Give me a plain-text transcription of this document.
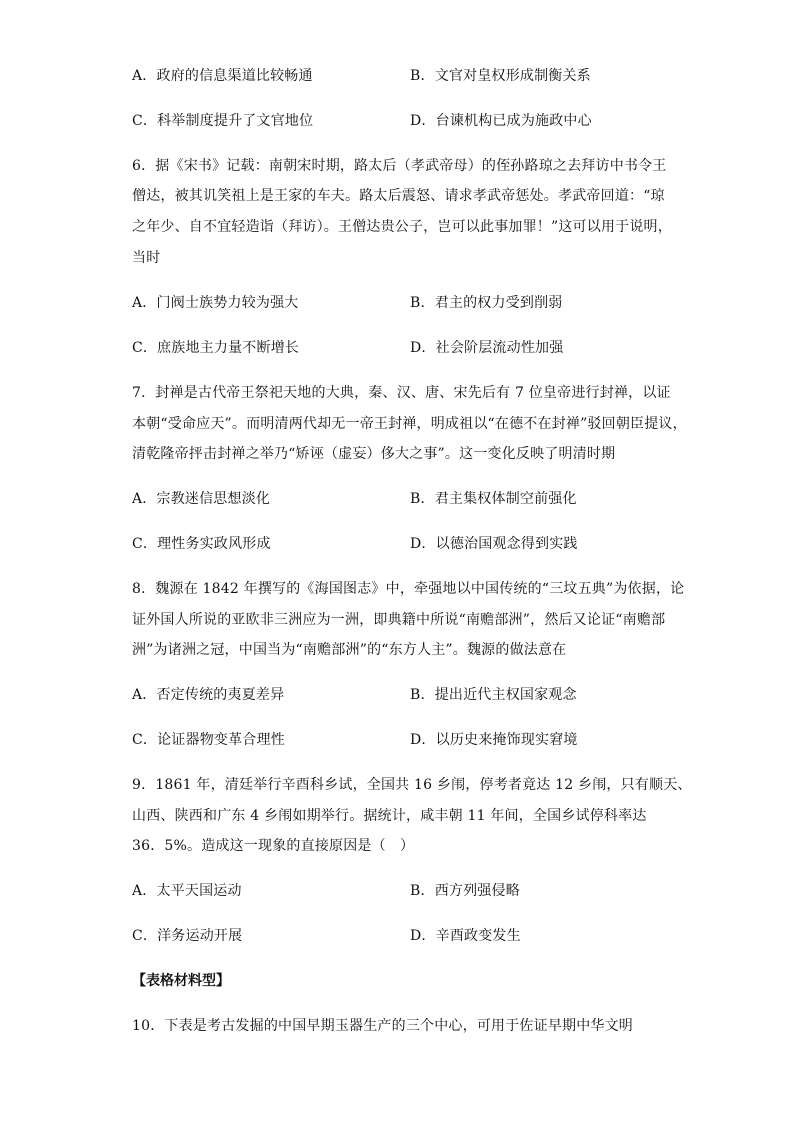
A．政府的信息渠道比较畅通	B．文官对皇权形成制衡关系
C．科举制度提升了文官地位	D．台谏机构已成为施政中心
6．据《宋书》记载：南朝宋时期，路太后（孝武帝母）的侄孙路琼之去拜访中书令王
僧达，被其讥笑祖上是王家的车夫。路太后震怒、请求孝武帝惩处。孝武帝回道：“琼
之年少、自不宜轻造诣（拜访）。王僧达贵公子，岂可以此事加罪！”这可以用于说明，
当时
A．门阀士族势力较为强大	B．君主的权力受到削弱
C．庶族地主力量不断增长	D．社会阶层流动性加强
7．封禅是古代帝王祭祀天地的大典，秦、汉、唐、宋先后有 7 位皇帝进行封禅，以证
本朝“受命应天”。而明清两代却无一帝王封禅，明成祖以“在德不在封禅”驳回朝臣提议，
清乾隆帝抨击封禅之举乃“矫诬（虚妄）侈大之事”。这一变化反映了明清时期
A．宗教迷信思想淡化	B．君主集权体制空前强化
C．理性务实政风形成	D．以德治国观念得到实践
8．魏源在 1842 年撰写的《海国图志》中，牵强地以中国传统的“三坟五典”为依据，论
证外国人所说的亚欧非三洲应为一洲，即典籍中所说“南赡部洲”，然后又论证“南赡部
洲”为诸洲之冠，中国当为“南赡部洲”的“东方人主”。魏源的做法意在
A．否定传统的夷夏差异	B．提出近代主权国家观念
C．论证器物变革合理性	D．以历史来掩饰现实窘境
9．1861 年，清廷举行辛酉科乡试，全国共 16 乡闱，停考者竟达 12 乡闱，只有顺天、
山西、陕西和广东 4 乡闱如期举行。据统计，咸丰朝 11 年间，全国乡试停科率达
36．5%。造成这一现象的直接原因是（　）
A．太平天国运动	B．西方列强侵略
C．洋务运动开展	D．辛酉政变发生
【表格材料型】
10．下表是考古发掘的中国早期玉器生产的三个中心，可用于佐证早期中华文明
